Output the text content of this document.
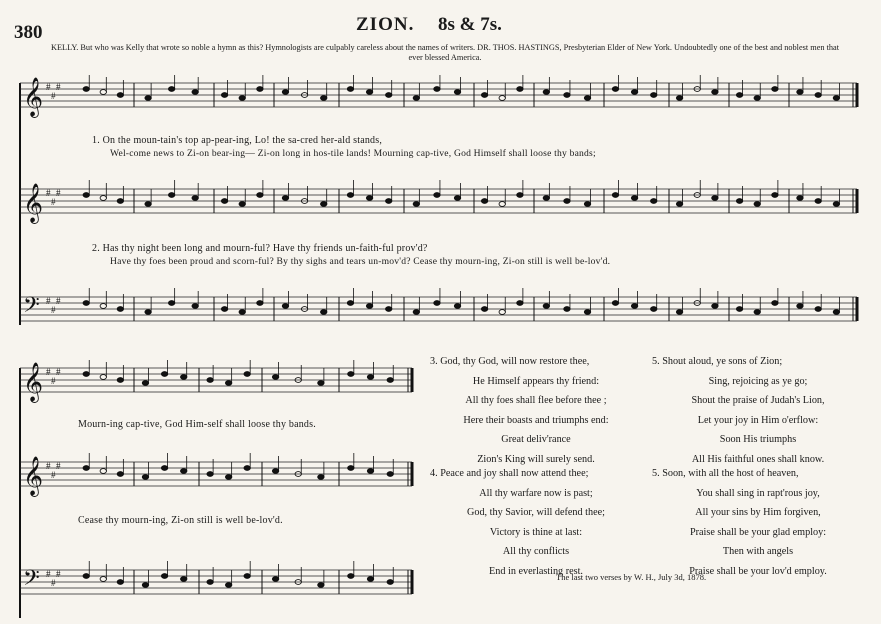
380	ZION. 8s & 7s.
KELLY. But who was Kelly that wrote so noble a hymn as this? Hymnologists are culpably careless about the names of writers. DR. THOS. HASTINGS, Presbyterian Elder of New York. Undoubtedly one of the best and noblest men that ever blessed America.
𝄞 #
#
#
𝄞 #
#
#
𝄢 #
#
#
1. On the moun-tain's top ap-pear-ing, Lo! the sa-cred her-ald stands,
Wel-come news to Zi-on bear-ing— Zi-on long in hos-tile lands! Mourning cap-tive, God Himself shall loose thy bands;
2. Has thy night been long and mourn-ful? Have thy friends un-faith-ful prov'd?
Have thy foes been proud and scorn-ful? By thy sighs and tears un-mov'd? Cease thy mourn-ing, Zi-on still is well be-lov'd.
𝄞 #
#
#
𝄞 #
#
#
𝄢 #
#
#
Mourn-ing cap-tive, God Him-self shall loose thy bands.
Cease thy mourn-ing, Zi-on still is well be-lov'd.
3. God, thy God, will now restore thee,
He Himself appears thy friend:
All thy foes shall flee before thee ;
Here their boasts and triumphs end:
Great deliv'rance
Zion's King will surely send.
4. Peace and joy shall now attend thee;
All thy warfare now is past;
God, thy Savior, will defend thee;
Victory is thine at last:
All thy conflicts
End in everlasting rest.
5. Shout aloud, ye sons of Zion;
Sing, rejoicing as ye go;
Shout the praise of Judah's Lion,
Let your joy in Him o'erflow:
Soon His triumphs
All His faithful ones shall know.
5. Soon, with all the host of heaven,
You shall sing in rapt'rous joy,
All your sins by Him forgiven,
Praise shall be your glad employ:
Then with angels
Praise shall be your lov'd employ.
The last two verses by W. H., July 3d, 1878.
